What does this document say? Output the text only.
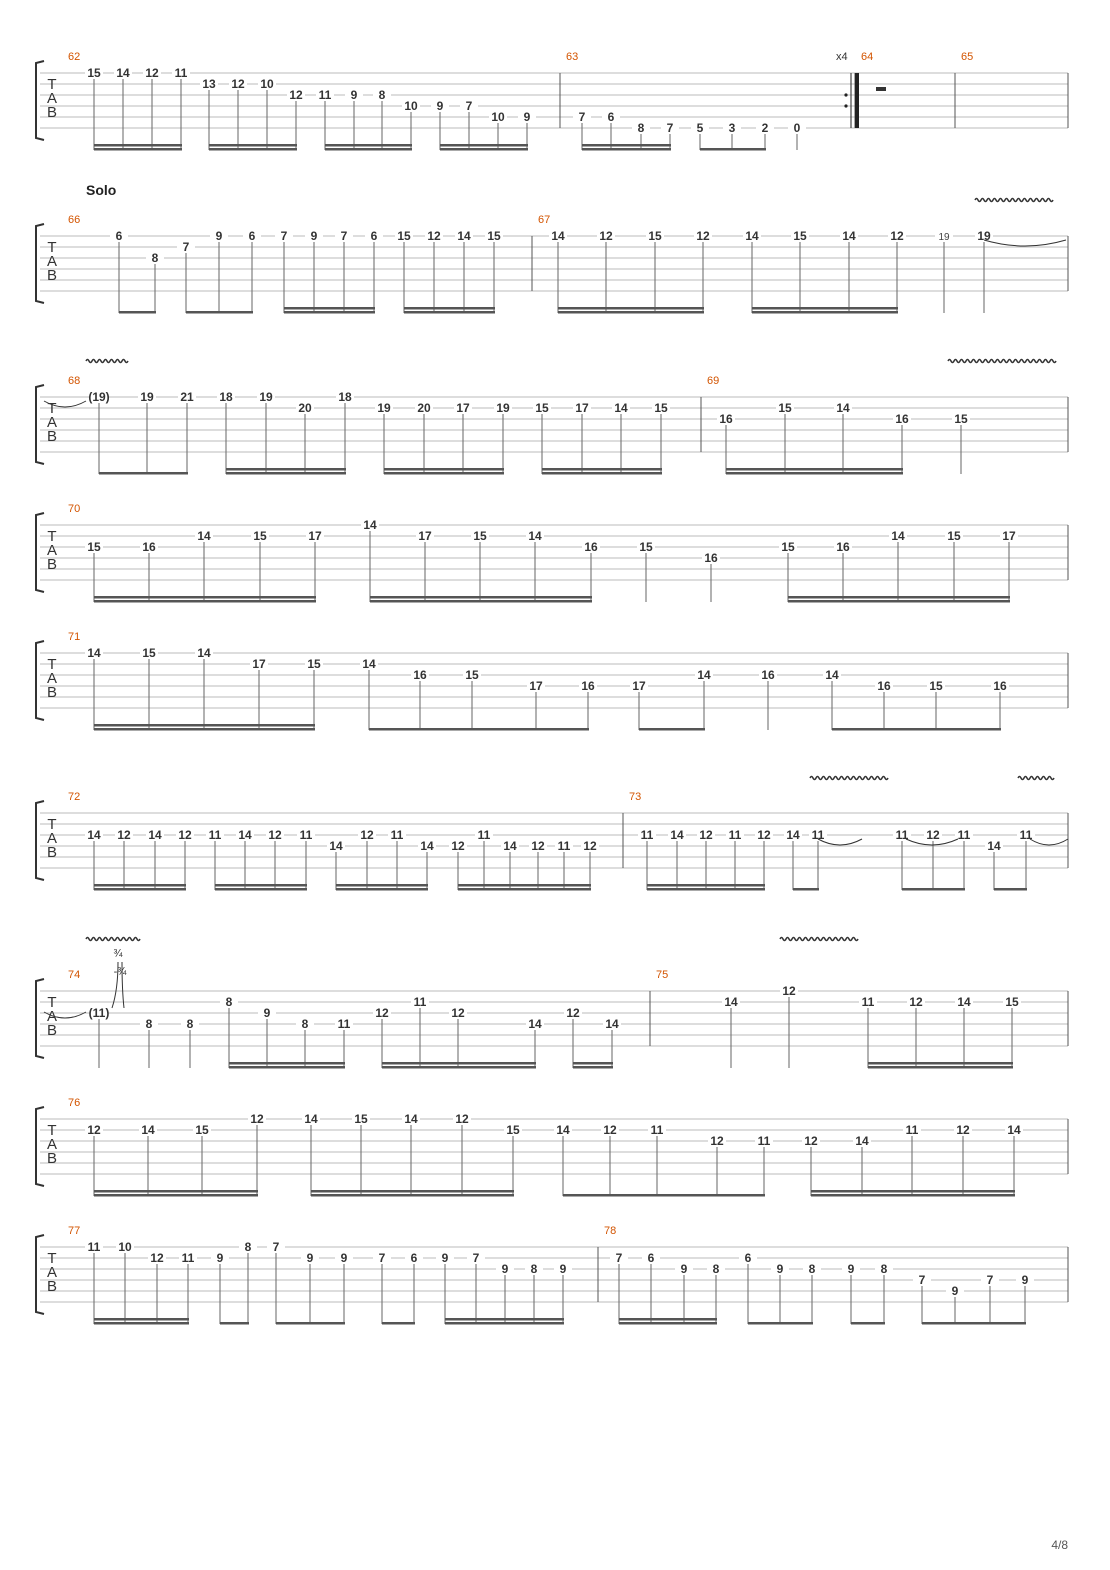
T
A
B
62
15 14 12 11
13 12 10
12 11 9 8
10 9 7
10 9
63
7 6
8 7 5 3 2 0
64	65
T
A
B
66
6
8
7
9 6 7 9 7 6 15 12 14 15
67
14	12	15	12	14	15	14	12	19 19
T
A
B
68
(19)	19 21 18 19
20
18
19 20 17 19 15 17 14 15
69
16
15	14
16	15
T
A
B
70
15	16
14	15	17
14
17	15	14
16	15
16
15	16
14	15	17
T
A
B
71
14	15	14
17	15	14
16	15
17	16	17
14	16	14
16	15	16
T
A
B
72
14 12 14 12 11 14 12 11
14
12 11
14 12
11
14 12 11 12
73
11 14 12 11 12 14 11	11 12 11
14
11
T
A
B
74
(11)
8	8
8
9
8 11
12
11
12
14
12
14
75
14
12
11	12	14	15
T
A
B
76
12	14	15
12	14	15	14	12
15	14	12	11
12	11	12	14
11	12	14
T
A
B
77
11 10
12 11 9
8 7
9 9	7 6 9 7
9 8 9
78
7 6
9 8
6
9 8	9 8
7
9
7 9
x4
Solo
¾
-¾
4/8
